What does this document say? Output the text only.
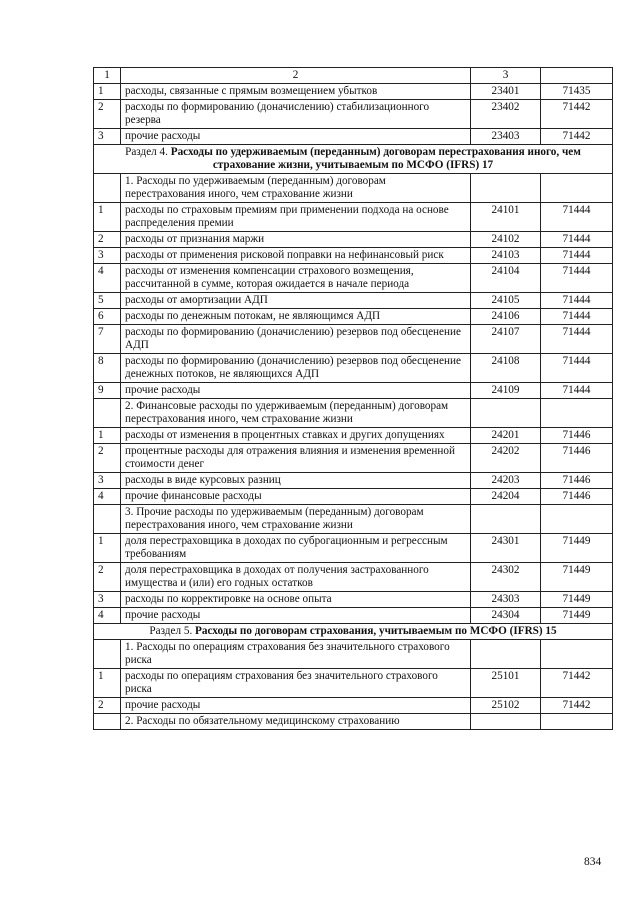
1	2	3	
1	расходы, связанные с прямым возмещением убытков	23401	71435
2	расходы по формированию (доначислению) стабилизационного резерва	23402	71442
3	прочие расходы	23403	71442
Раздел 4. Расходы по удерживаемым (переданным) договорам перестрахования иного, чем страхование жизни, учитываемым по МСФО (IFRS) 17			
	1. Расходы по удерживаемым (переданным) договорам перестрахования иного, чем страхование жизни		
1	расходы по страховым премиям при применении подхода на основе распределения премии	24101	71444
2	расходы от признания маржи	24102	71444
3	расходы от применения рисковой поправки на нефинансовый риск	24103	71444
4	расходы от изменения компенсации страхового возмещения, рассчитанной в сумме, которая ожидается в начале периода	24104	71444
5	расходы от амортизации АДП	24105	71444
6	расходы по денежным потокам, не являющимся АДП	24106	71444
7	расходы по формированию (доначислению) резервов под обесценение АДП	24107	71444
8	расходы по формированию (доначислению) резервов под обесценение денежных потоков, не являющихся АДП	24108	71444
9	прочие расходы	24109	71444
	2. Финансовые расходы по удерживаемым (переданным) договорам перестрахования иного, чем страхование жизни		
1	расходы от изменения в процентных ставках и других допущениях	24201	71446
2	процентные расходы для отражения влияния и изменения временной стоимости денег	24202	71446
3	расходы в виде курсовых разниц	24203	71446
4	прочие финансовые расходы	24204	71446
	3. Прочие расходы по удерживаемым (переданным) договорам перестрахования иного, чем страхование жизни		
1	доля перестраховщика в доходах по суброгационным и регрессным требованиям	24301	71449
2	доля перестраховщика в доходах от получения застрахованного имущества и (или) его годных остатков	24302	71449
3	расходы по корректировке на основе опыта	24303	71449
4	прочие расходы	24304	71449
Раздел 5. Расходы по договорам страхования, учитываемым по МСФО (IFRS) 15			
	1. Расходы по операциям страхования без значительного страхового риска		
1	расходы по операциям страхования без значительного страхового риска	25101	71442
2	прочие расходы	25102	71442
	2. Расходы по обязательному медицинскому страхованию		
834
